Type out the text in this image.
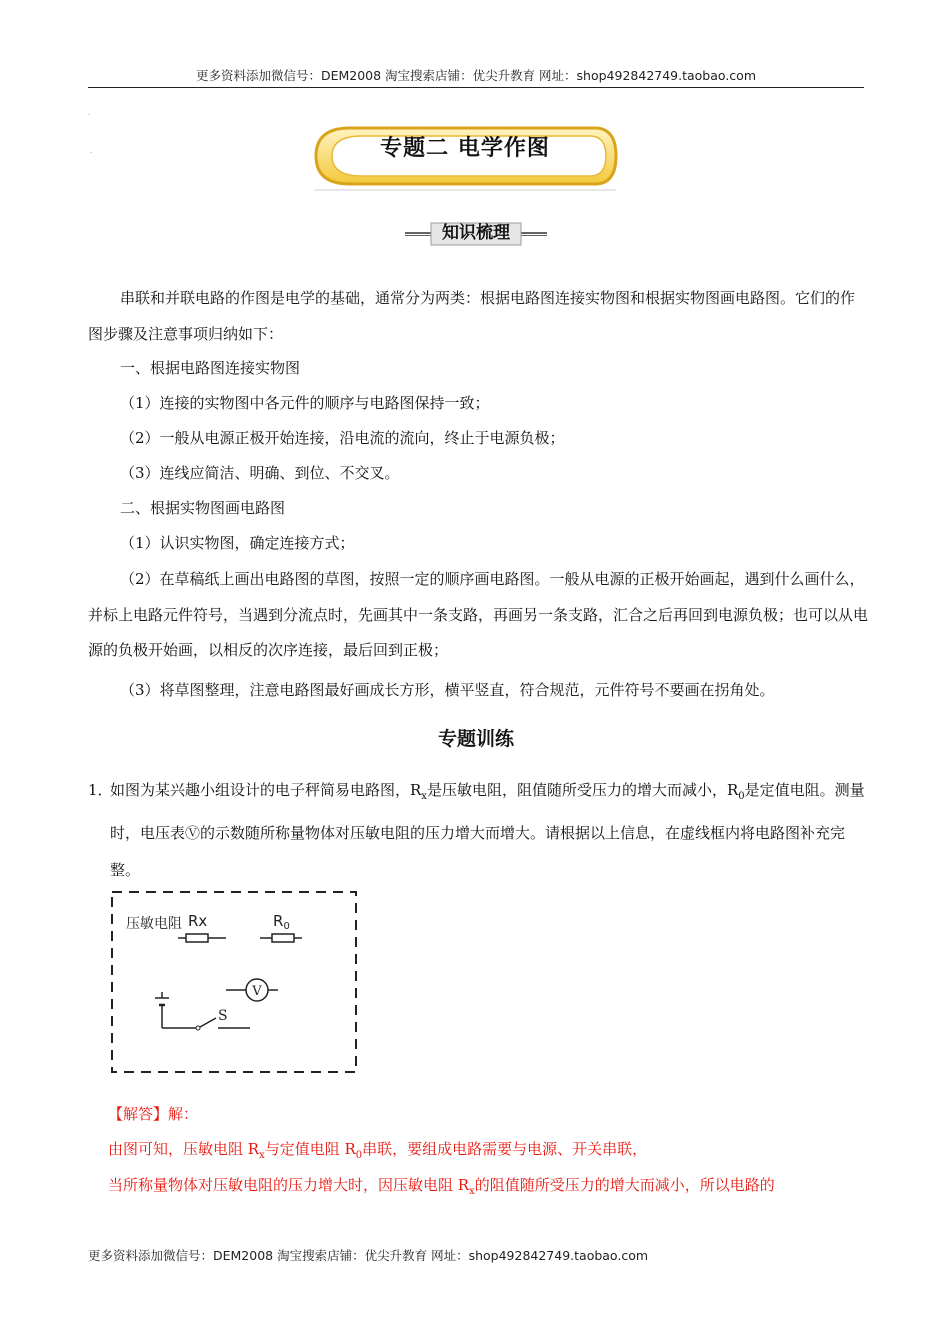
更多资料添加微信号：DEM2008 淘宝搜索店铺：优尖升教育 网址：shop492842749.taobao.com
.
.	专题二 电学作图
知识梳理

串联和并联电路的作图是电学的基础，通常分为两类：根据电路图连接实物图和根据实物图画电路图。它们的作图步骤及注意事项归纳如下：

一、根据电路图连接实物图

（1）连接的实物图中各元件的顺序与电路图保持一致；

（2）一般从电源正极开始连接，沿电流的流向，终止于电源负极；

（3）连线应简洁、明确、到位、不交叉。

二、根据实物图画电路图

（1）认识实物图，确定连接方式；

（2）在草稿纸上画出电路图的草图，按照一定的顺序画电路图。一般从电源的正极开始画起，遇到什么画什么，并标上电路元件符号，当遇到分流点时，先画其中一条支路，再画另一条支路，汇合之后再回到电源负极；也可以从电源的负极开始画，以相反的次序连接，最后回到正极；

（3）将草图整理，注意电路图最好画成长方形，横平竖直，符合规范，元件符号不要画在拐角处。

专题训练
1．
如图为某兴趣小组设计的电子秤简易电路图，$R_x$是压敏电阻，阻值随所受压力的增大而减小，$R_0$是定值电阻。测量时，电压表Ⓥ的示数随所称量物体对压敏电阻的压力增大而增大。请根据以上信息，在虚线框内将电路图补充完整。
压敏电阻 Rx	$R_0$
V
S
【解答】解：
由图可知，压敏电阻 $R_x$与定值电阻 $R_0$串联，要组成电路需要与电源、开关串联，
当所称量物体对压敏电阻的压力增大时，因压敏电阻 $R_x$的阻值随所受压力的增大而减小，所以电路的
更多资料添加微信号：DEM2008 淘宝搜索店铺：优尖升教育 网址：shop492842749.taobao.com
